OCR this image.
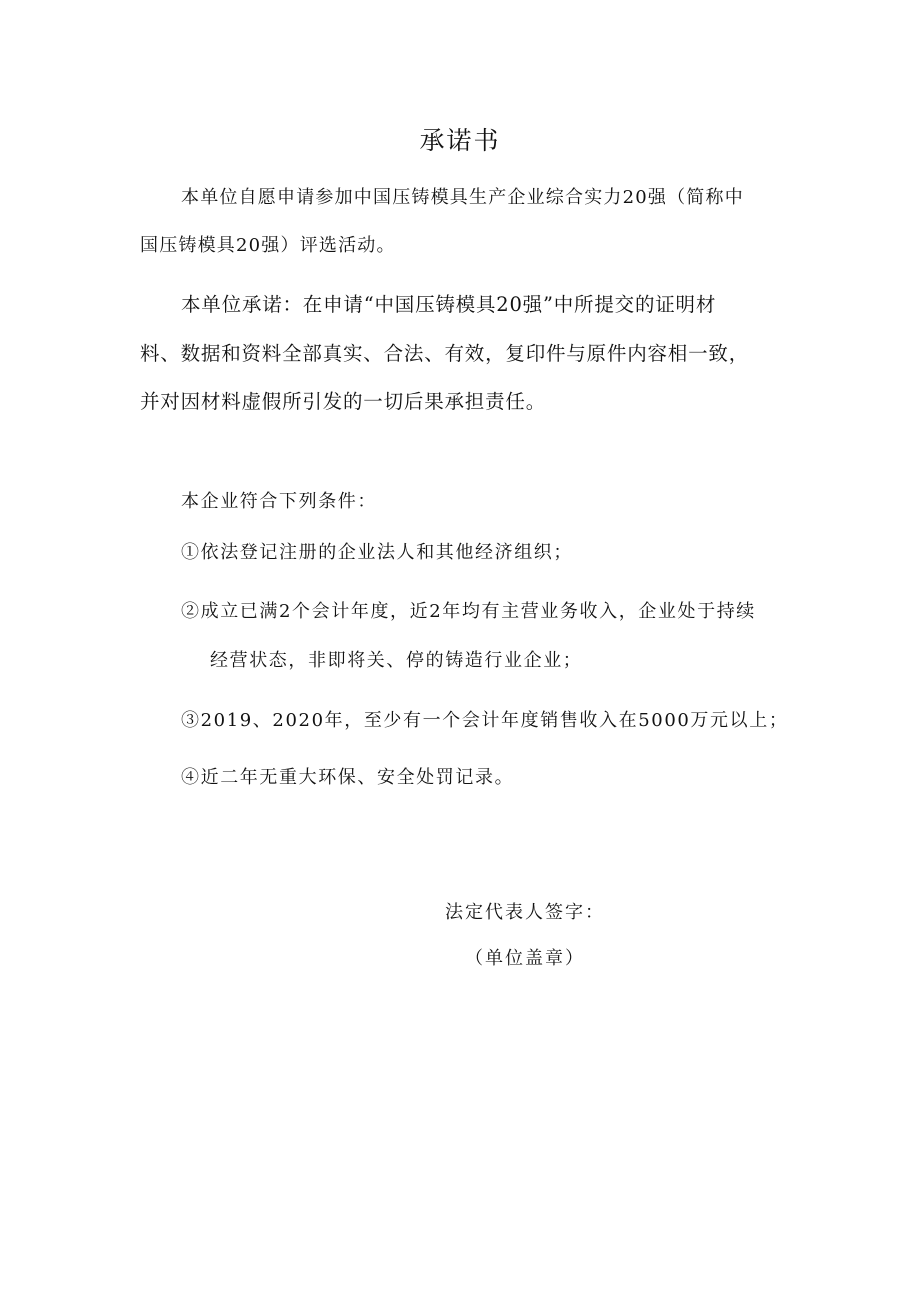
承诺书
本单位自愿申请参加中国压铸模具生产企业综合实力20强（简称中
国压铸模具20强）评选活动。
本单位承诺：在申请“中国压铸模具20强”中所提交的证明材
料、数据和资料全部真实、合法、有效，复印件与原件内容相一致，
并对因材料虚假所引发的一切后果承担责任。
本企业符合下列条件：
①依法登记注册的企业法人和其他经济组织；
②成立已满2个会计年度，近2年均有主营业务收入，企业处于持续
经营状态，非即将关、停的铸造行业企业；
③2019、2020年，至少有一个会计年度销售收入在5000万元以上；
④近二年无重大环保、安全处罚记录。
法定代表人签字：
（单位盖章）
